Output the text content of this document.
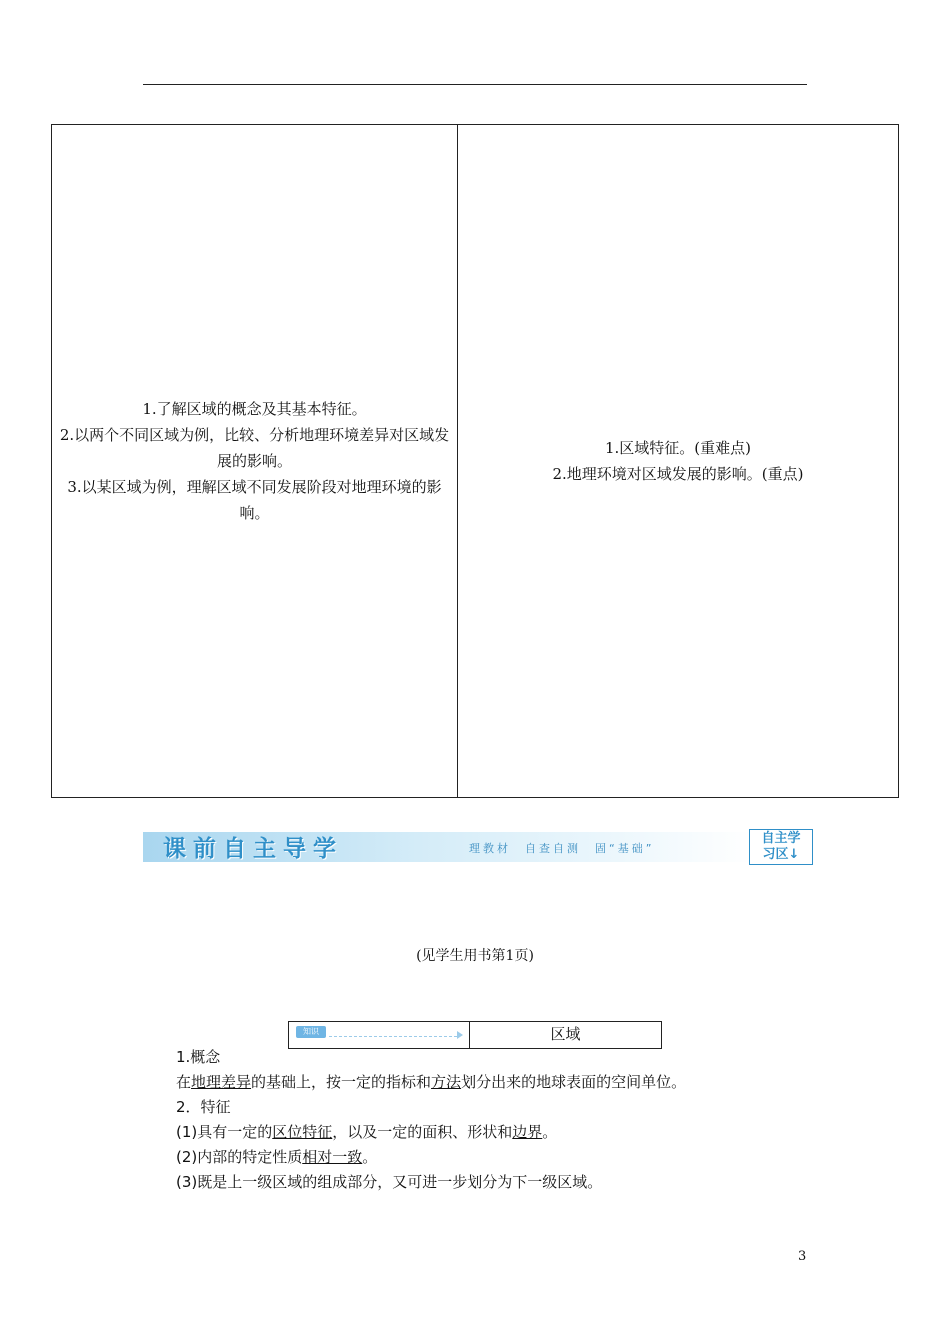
1.了解区域的概念及其基本特征。
2.以两个不同区域为例，比较、分析地理环境差异对区域发展的影响。
3.以某区域为例，理解区域不同发展阶段对地理环境的影响。
1.区域特征。(重难点)
2.地理环境对区域发展的影响。(重点)
课前自主导学	理教材　自查自测　固“基础”
自主学
习区↓
(见学生用书第1页)
知识	区域

1.概念

在地理差异的基础上，按一定的指标和方法划分出来的地球表面的空间单位。

2．特征

(1)具有一定的区位特征，以及一定的面积、形状和边界。

(2)内部的特定性质相对一致。

(3)既是上一级区域的组成部分，又可进一步划分为下一级区域。

3
